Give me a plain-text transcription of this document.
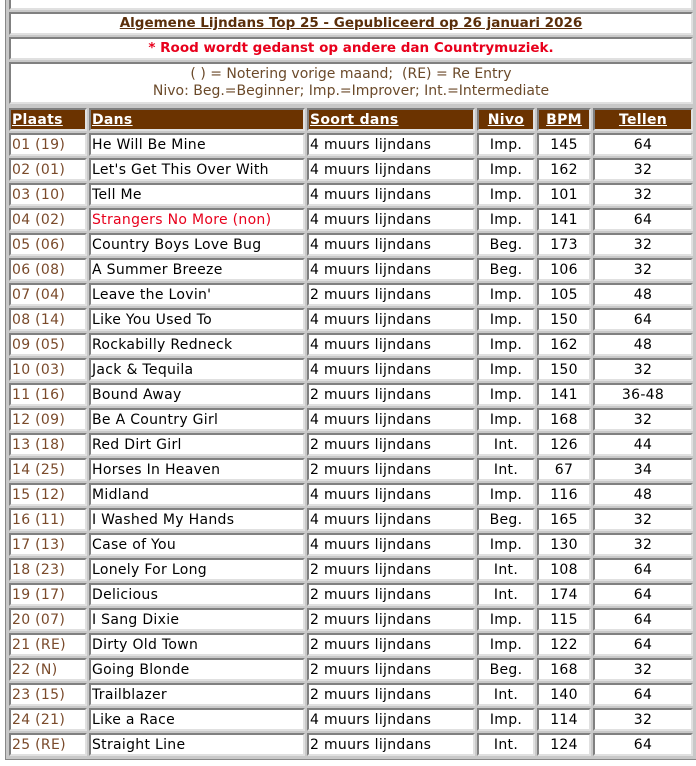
Algemene Lijndans Top 25 - Gepubliceerd op 26 januari 2026
* Rood wordt gedanst op andere dan Countrymuziek.
( ) = Notering vorige maand;  (RE) = Re Entry
Nivo: Beg.=Beginner; Imp.=Improver; Int.=Intermediate
Plaats	Dans	Soort dans	Nivo	BPM	Tellen
01 (19)	He Will Be Mine	4 muurs lijndans	Imp.	145	64
02 (01)	Let's Get This Over With	4 muurs lijndans	Imp.	162	32
03 (10)	Tell Me	4 muurs lijndans	Imp.	101	32
04 (02)	Strangers No More (non)	4 muurs lijndans	Imp.	141	64
05 (06)	Country Boys Love Bug	4 muurs lijndans	Beg.	173	32
06 (08)	A Summer Breeze	4 muurs lijndans	Beg.	106	32
07 (04)	Leave the Lovin'	2 muurs lijndans	Imp.	105	48
08 (14)	Like You Used To	4 muurs lijndans	Imp.	150	64
09 (05)	Rockabilly Redneck	4 muurs lijndans	Imp.	162	48
10 (03)	Jack & Tequila	4 muurs lijndans	Imp.	150	32
11 (16)	Bound Away	2 muurs lijndans	Imp.	141	36-48
12 (09)	Be A Country Girl	4 muurs lijndans	Imp.	168	32
13 (18)	Red Dirt Girl	2 muurs lijndans	Int.	126	44
14 (25)	Horses In Heaven	2 muurs lijndans	Int.	67	34
15 (12)	Midland	4 muurs lijndans	Imp.	116	48
16 (11)	I Washed My Hands	4 muurs lijndans	Beg.	165	32
17 (13)	Case of You	4 muurs lijndans	Imp.	130	32
18 (23)	Lonely For Long	2 muurs lijndans	Int.	108	64
19 (17)	Delicious	2 muurs lijndans	Int.	174	64
20 (07)	I Sang Dixie	2 muurs lijndans	Imp.	115	64
21 (RE)	Dirty Old Town	2 muurs lijndans	Imp.	122	64
22 (N)	Going Blonde	2 muurs lijndans	Beg.	168	32
23 (15)	Trailblazer	2 muurs lijndans	Int.	140	64
24 (21)	Like a Race	4 muurs lijndans	Imp.	114	32
25 (RE)	Straight Line	2 muurs lijndans	Int.	124	64
